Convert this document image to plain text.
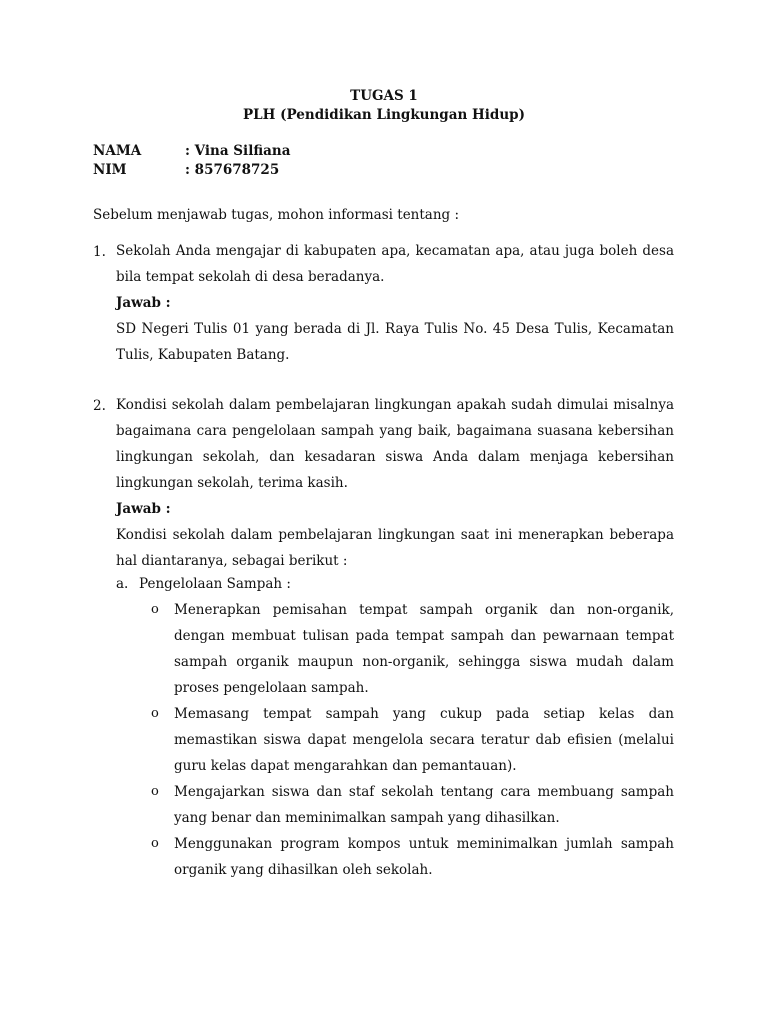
TUGAS 1
PLH (Pendidikan Lingkungan Hidup)
NAMA	: Vina Silfiana
NIM	: 857678725
Sebelum menjawab tugas, mohon informasi tentang :
1. Sekolah Anda mengajar di kabupaten apa, kecamatan apa, atau juga boleh desa bila tempat sekolah di desa beradanya.

Jawab :

SD Negeri Tulis 01 yang berada di Jl. Raya Tulis No. 45 Desa Tulis, Kecamatan Tulis, Kabupaten Batang.

2. Kondisi sekolah dalam pembelajaran lingkungan apakah sudah dimulai misalnya bagaimana cara pengelolaan sampah yang baik, bagaimana suasana kebersihan lingkungan sekolah, dan kesadaran siswa Anda dalam menjaga kebersihan lingkungan sekolah, terima kasih.

Jawab :

Kondisi sekolah dalam pembelajaran lingkungan saat ini menerapkan beberapa hal diantaranya, sebagai berikut :

a. Pengelolaan Sampah :
o Menerapkan pemisahan tempat sampah organik dan non-organik, dengan membuat tulisan pada tempat sampah dan pewarnaan tempat sampah organik maupun non-organik, sehingga siswa mudah dalam proses pengelolaan sampah.
o Memasang tempat sampah yang cukup pada setiap kelas dan memastikan siswa dapat mengelola secara teratur dab efisien (melalui guru kelas dapat mengarahkan dan pemantauan).
o Mengajarkan siswa dan staf sekolah tentang cara membuang sampah yang benar dan meminimalkan sampah yang dihasilkan.
o Menggunakan program kompos untuk meminimalkan jumlah sampah organik yang dihasilkan oleh sekolah.
